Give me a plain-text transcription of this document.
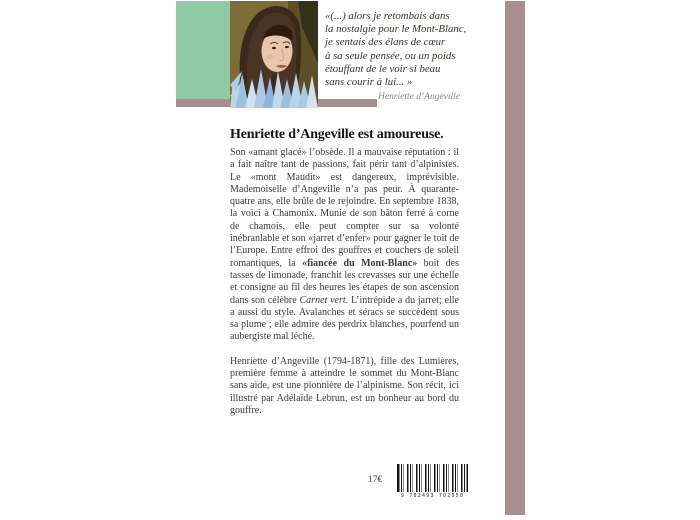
«(...) alors je retombais dans
la nostalgie pour le Mont-Blanc,
je sentais des élans de cœur
à sa seule pensée, ou un poids
étouffant de le voir si beau
sans courir à lui... »
Henriette d’Angeville
Henriette d’Angeville est amoureuse.

Son «amant glacé» l’obsède. Il a mauvaise réputation : il a fait naître tant de passions, fait périr tant d’alpinistes. Le «mont Maudit» est dangereux, imprévisible. Mademoiselle d’Angeville n’a pas peur. À quarante-quatre ans, elle brûle de le rejoindre. En septembre 1838, la voici à Chamonix. Munie de son bâton ferré à corne de chamois, elle peut compter sur sa volonté inébranlable et son «jarret d’enfer» pour gagner le toit de l’Europe. Entre effroi des gouffres et couchers de soleil romantiques, la «fiancée du Mont-Blanc» boit des tasses de limonade, franchit les crevasses sur une échelle et consigne au fil des heures les étapes de son ascension dans son célèbre Carnet vert. L’intrépide a du jarret; elle a aussi du style. Avalanches et séracs se succèdent sous sa plume ; elle admire des perdrix blanches, pourfend un aubergiste mal léché.

Henriette d’Angeville (1794-1871), fille des Lumières, première femme à atteindre le sommet du Mont-Blanc sans aide, est une pionnière de l’alpinisme. Son récit, ici illustré par Adélaïde Lebrun, est un bonheur au bord du gouffre.

17€
9 782493 702050
